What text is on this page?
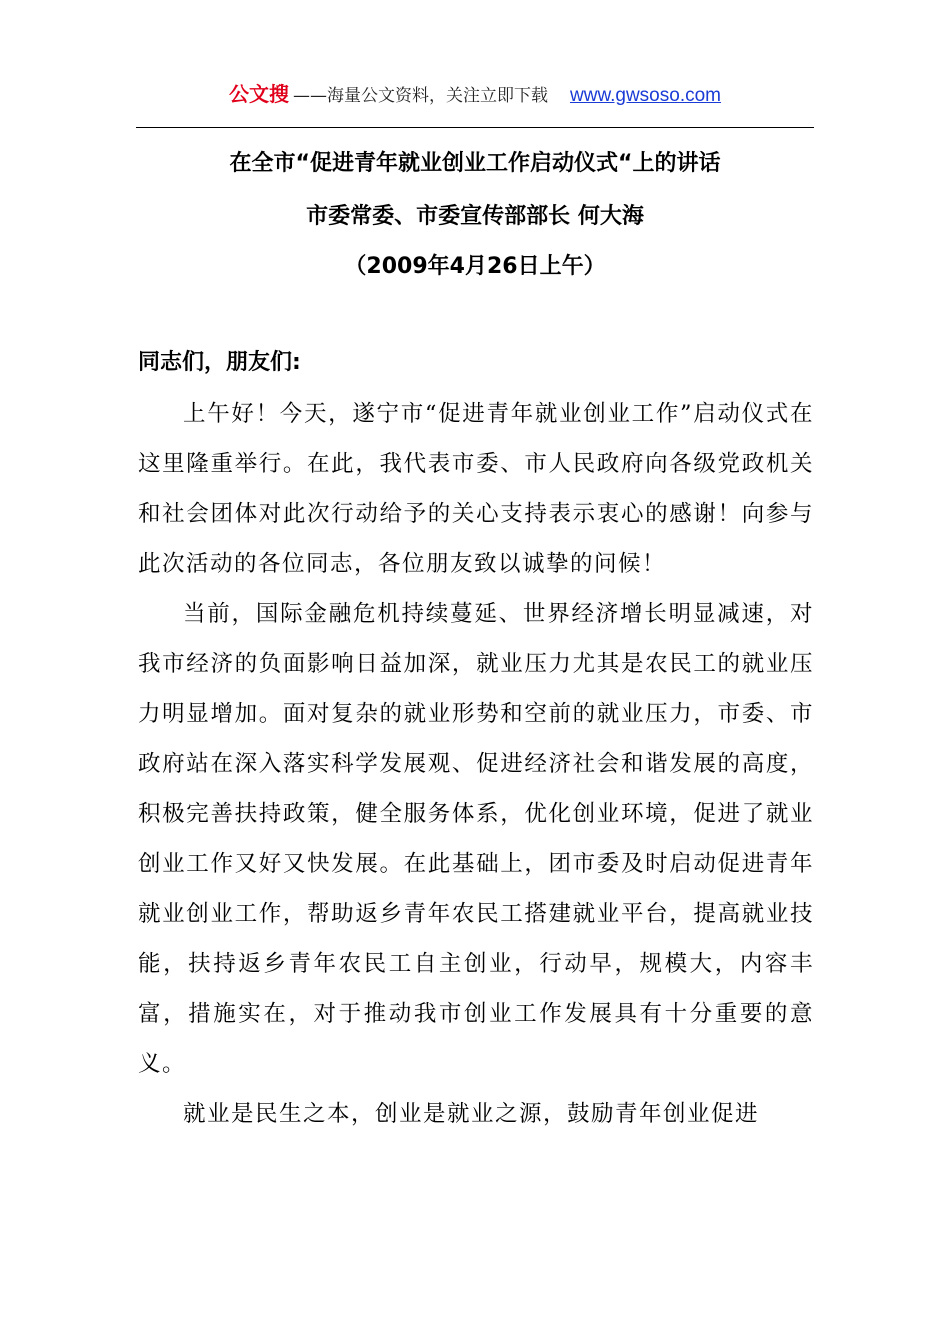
公文搜 ——海量公文资料，关注立即下载 www.gwsoso.com
在全市“促进青年就业创业工作启动仪式“上的讲话
市委常委、市委宣传部部长 何大海
（2009年4月26日上午）
同志们，朋友们:

上午好！今天，遂宁市“促进青年就业创业工作”启动仪式在这里隆重举行。在此，我代表市委、市人民政府向各级党政机关和社会团体对此次行动给予的关心支持表示衷心的感谢！向参与此次活动的各位同志，各位朋友致以诚挚的问候！

当前，国际金融危机持续蔓延、世界经济增长明显减速，对我市经济的负面影响日益加深，就业压力尤其是农民工的就业压力明显增加。面对复杂的就业形势和空前的就业压力，市委、市政府站在深入落实科学发展观、促进经济社会和谐发展的高度，积极完善扶持政策，健全服务体系，优化创业环境，促进了就业创业工作又好又快发展。在此基础上，团市委及时启动促进青年就业创业工作，帮助返乡青年农民工搭建就业平台，提高就业技能，扶持返乡青年农民工自主创业，行动早，规模大，内容丰富，措施实在，对于推动我市创业工作发展具有十分重要的意义。

就业是民生之本，创业是就业之源，鼓励青年创业促进
